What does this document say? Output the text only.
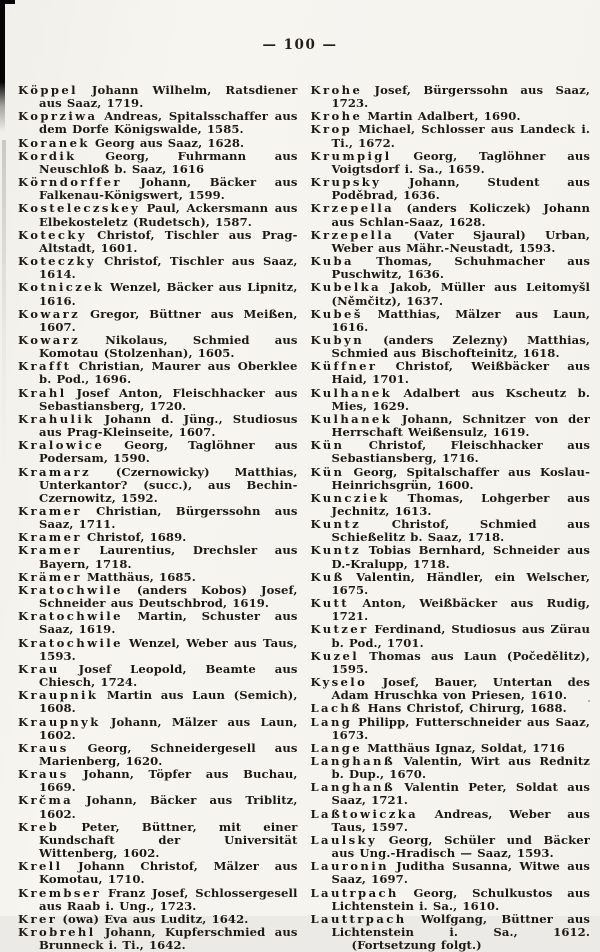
— 100 —

Köppel Johann Wilhelm, Ratsdiener aus Saaz, 1719.

Koprziwa Andreas, Spitalsschaffer aus dem Dorfe Königswalde, 1585.

Koranek Georg aus Saaz, 1628.

Kordik Georg, Fuhrmann aus Neuschloß b. Saaz, 1616

Körndorffer Johann, Bäcker aus Falkenau-Königswert, 1599.

Kosteleczskey Paul, Ackersmann aus Elbekosteletz (Rudetsch), 1587.

Kotecky Christof, Tischler aus Prag-Altstadt, 1601.

Koteczky Christof, Tischler aus Saaz, 1614.

Kotniczek Wenzel, Bäcker aus Lipnitz, 1616.

Kowarz Gregor, Büttner aus Meißen, 1607.

Kowarz Nikolaus, Schmied aus Komotau (Stolzenhan), 1605.

Krafft Christian, Maurer aus Oberklee b. Pod., 1696.

Krahl Josef Anton, Fleischhacker aus Sebastiansberg, 1720.

Krahulik Johann d. Jüng., Studiosus aus Prag-Kleinseite, 1607.

Kralowice Georg, Taglöhner aus Podersam, 1590.

Kramarz (Czernowicky) Matthias, Unterkantor? (succ.), aus Bechin-Czernowitz, 1592.

Kramer Christian, Bürgerssohn aus Saaz, 1711.

Kramer Christof, 1689.

Kramer Laurentius, Drechsler aus Bayern, 1718.

Krämer Matthäus, 1685.

Kratochwile (anders Kobos) Josef, Schneider aus Deutschbrod, 1619.

Kratochwile Martin, Schuster aus Saaz, 1619.

Kratochwile Wenzel, Weber aus Taus, 1593.

Krau Josef Leopold, Beamte aus Chiesch, 1724.

Kraupnik Martin aus Laun (Semich), 1608.

Kraupnyk Johann, Mälzer aus Laun, 1602.

Kraus Georg, Schneidergesell aus Marienberg, 1620.

Kraus Johann, Töpfer aus Buchau, 1669.

Krčma Johann, Bäcker aus Triblitz, 1602.

Kreb Peter, Büttner, mit einer Kundschaft der Universität Wittenberg, 1602.

Krell Johann Christof, Mälzer aus Komotau, 1710.

Krembser Franz Josef, Schlossergesell aus Raab i. Ung., 1723.

Krer (owa) Eva aus Luditz, 1642.

Krobrehl Johann, Kupferschmied aus Brunneck i. Ti., 1642.

Krohe Josef, Bürgerssohn aus Saaz, 1723.

Krohe Martin Adalbert, 1690.

Krop Michael, Schlosser aus Landeck i. Ti., 1672.

Krumpigl Georg, Taglöhner aus Voigtsdorf i. Sa., 1659.

Krupsky Johann, Student aus Poděbrad, 1636.

Krzepella (anders Koliczek) Johann aus Schlan-Saaz, 1628.

Krzepella (Vater Sjaural) Urban, Weber aus Mähr.-Neustadt, 1593.

Kuba Thomas, Schuhmacher aus Puschwitz, 1636.

Kubelka Jakob, Müller aus Leitomyšl (Němčitz), 1637.

Kubeš Matthias, Mälzer aus Laun, 1616.

Kubyn (anders Zelezny) Matthias, Schmied aus Bischofteinitz, 1618.

Küffner Christof, Weißbäcker aus Haid, 1701.

Kulhanek Adalbert aus Kscheutz b. Mies, 1629.

Kulhanek Johann, Schnitzer von der Herrschaft Weißensulz, 1619.

Kün Christof, Fleischhacker aus Sebastiansberg, 1716.

Kün Georg, Spitalschaffer aus Koslau-Heinrichsgrün, 1600.

Kuncziek Thomas, Lohgerber aus Jechnitz, 1613.

Kuntz Christof, Schmied aus Schießelitz b. Saaz, 1718.

Kuntz Tobias Bernhard, Schneider aus D.-Kralupp, 1718.

Kuß Valentin, Händler, ein Welscher, 1675.

Kutt Anton, Weißbäcker aus Rudig, 1721.

Kutzer Ferdinand, Studiosus aus Zürau b. Pod., 1701.

Kuzel Thomas aus Laun (Počedělitz), 1595.

Kyselo Josef, Bauer, Untertan des Adam Hruschka von Priesen, 1610.

Lachß Hans Christof, Chirurg, 1688.

Lang Philipp, Futterschneider aus Saaz, 1673.

Lange Matthäus Ignaz, Soldat, 1716

Langhanß Valentin, Wirt aus Rednitz b. Dup., 1670.

Langhanß Valentin Peter, Soldat aus Saaz, 1721.

Laßtowiczka Andreas, Weber aus Taus, 1597.

Laulsky Georg, Schüler und Bäcker aus Ung.-Hradisch — Saaz, 1593.

Lauronin Juditha Susanna, Witwe aus Saaz, 1697.

Lautrpach Georg, Schulkustos aus Lichtenstein i. Sa., 1610.

Lauttrpach Wolfgang, Büttner aus Lichtenstein i. Sa., 1612.(Fortsetzung folgt.)
